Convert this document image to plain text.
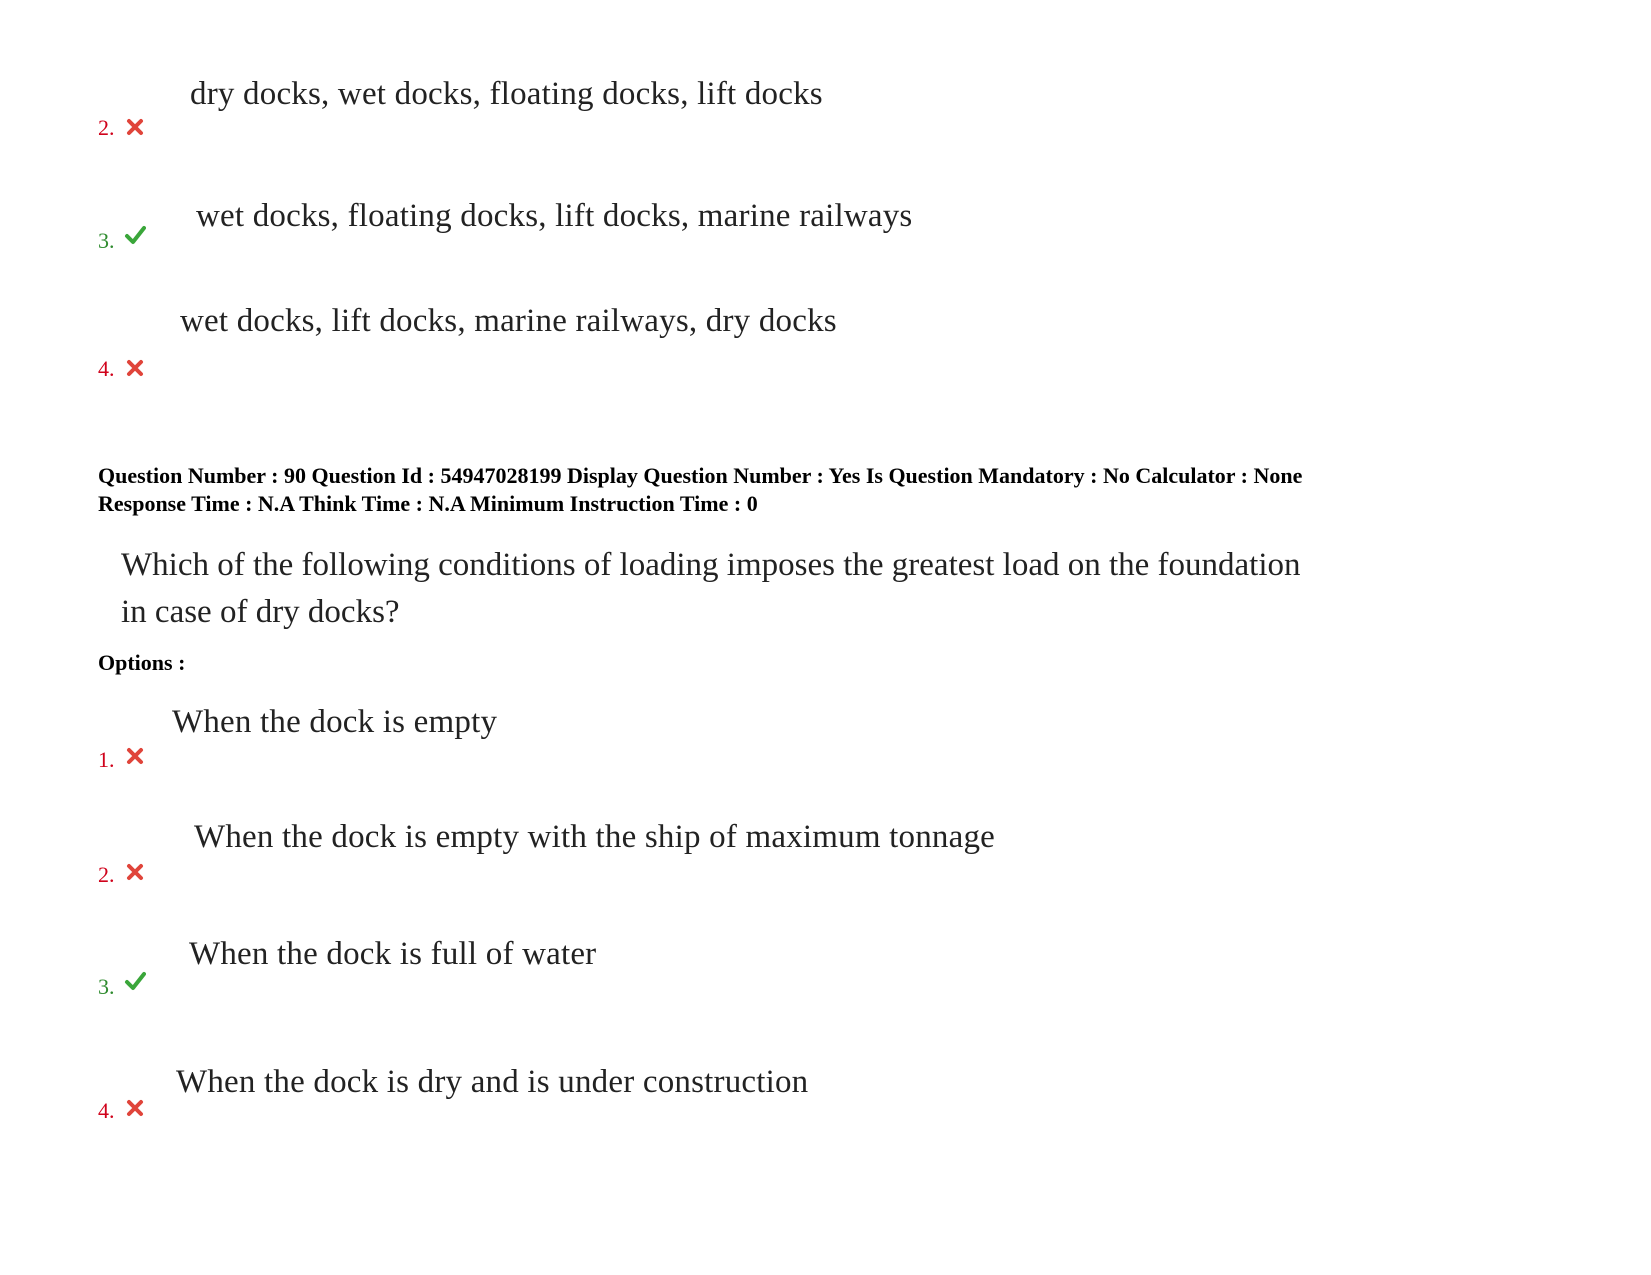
dry docks, wet docks, floating docks, lift docks
2.
wet docks, floating docks, lift docks, marine railways
3.
wet docks, lift docks, marine railways, dry docks
4.
Question Number : 90 Question Id : 54947028199 Display Question Number : Yes Is Question Mandatory : No Calculator : None
Response Time : N.A Think Time : N.A Minimum Instruction Time : 0
Which of the following conditions of loading imposes the greatest load on the foundation
in case of dry docks?
Options :
When the dock is empty
1.
When the dock is empty with the ship of maximum tonnage
2.
When the dock is full of water
3.
When the dock is dry and is under construction
4.
